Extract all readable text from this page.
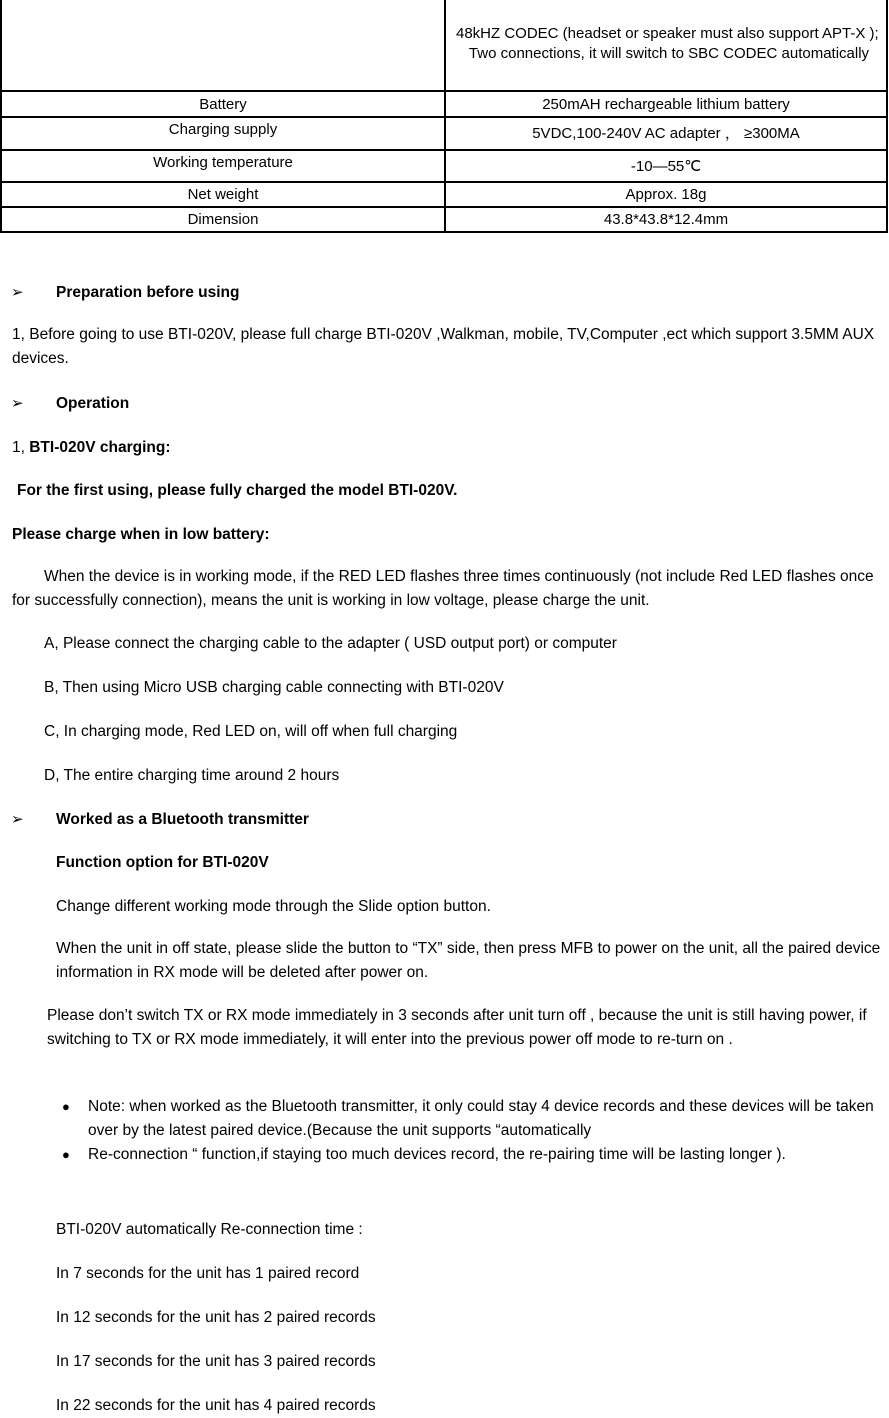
	48kHZ CODEC (headset or speaker must also support APT-X );
Two connections, it will switch to SBC CODEC automatically

Battery	250mAH rechargeable lithium battery
Charging supply	5VDC,100-240V AC adapter ， ≥300MA
Working temperature	-10—55℃
Net weight	Approx. 18g
Dimension	43.8*43.8*12.4mm
➢ Preparation before using

1, Before going to use BTI-020V, please full charge BTI-020V ,Walkman, mobile, TV,Computer ,ect which support 3.5MM AUX devices.

➢ Operation

1, BTI-020V charging:

For the first using, please fully charged the model BTI-020V.

Please charge when in low battery:

When the device is in working mode, if the RED LED flashes three times continuously (not include Red LED flashes once for successfully connection), means the unit is working in low voltage, please charge the unit.

A, Please connect the charging cable to the adapter ( USD output port) or computer

B, Then using Micro USB charging cable connecting with BTI-020V

C, In charging mode, Red LED on, will off when full charging

D, The entire charging time around 2 hours

➢ Worked as a Bluetooth transmitter

Function option for BTI-020V

Change different working mode through the Slide option button.

When the unit in off state, please slide the button to “TX” side, then press MFB to power on the unit, all the paired device information in RX mode will be deleted after power on.

Please don’t switch TX or RX mode immediately in 3 seconds after unit turn off , because the unit is still having power, if switching to TX or RX mode immediately, it will enter into the previous power off mode to re-turn on .

● Note: when worked as the Bluetooth transmitter, it only could stay 4 device records and these devices will be taken over by the latest paired device.(Because the unit supports “automatically

● Re-connection “ function,if staying too much devices record, the re-pairing time will be lasting longer ).

BTI-020V automatically Re-connection time :

In 7 seconds for the unit has 1 paired record

In 12 seconds for the unit has 2 paired records

In 17 seconds for the unit has 3 paired records

In 22 seconds for the unit has 4 paired records
